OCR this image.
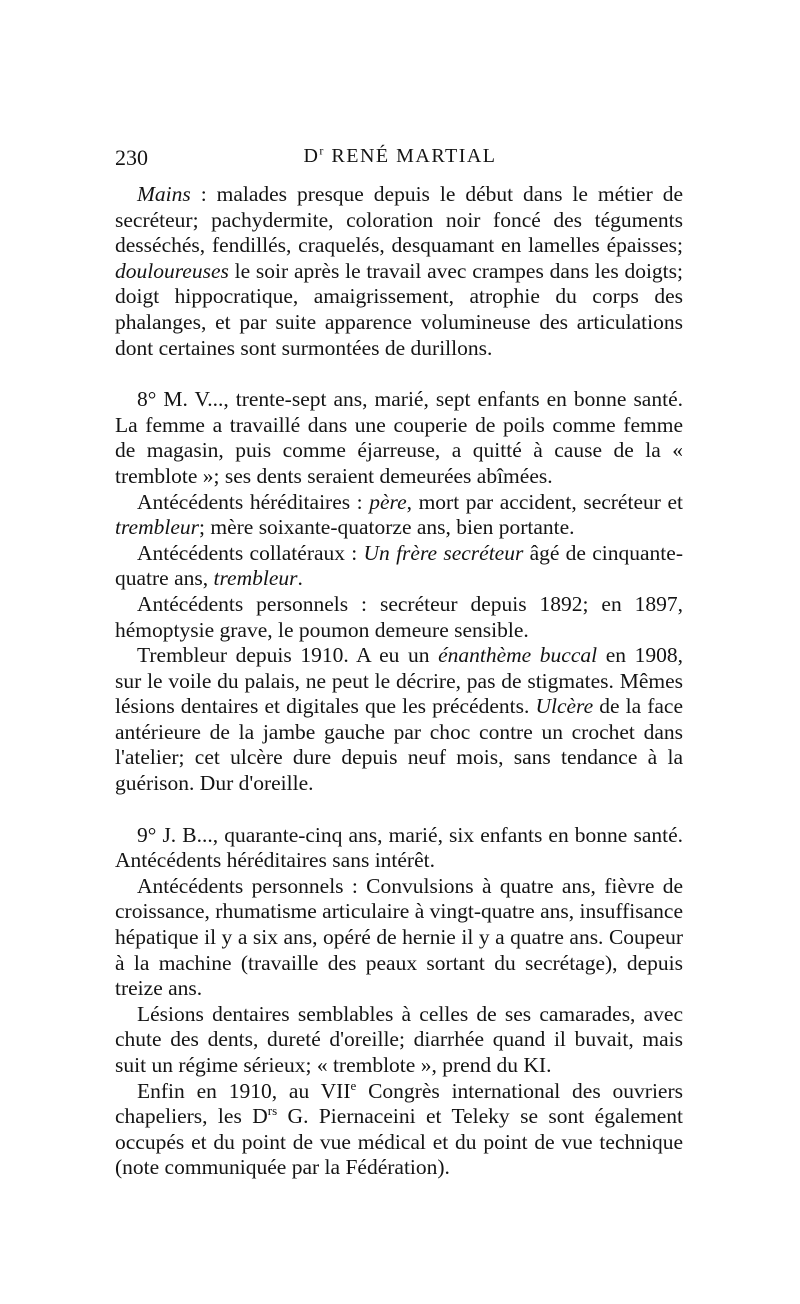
230	$D^r$ RENÉ MARTIAL

Mains : malades presque depuis le début dans le métier de secréteur; pachydermite, coloration noir foncé des téguments desséchés, fendillés, craquelés, desquamant en lamelles épaisses; douloureuses le soir après le travail avec crampes dans les doigts; doigt hippocratique, amaigrissement, atrophie du corps des phalanges, et par suite apparence volumineuse des articulations dont certaines sont surmontées de durillons.

8° M. V..., trente-sept ans, marié, sept enfants en bonne santé. La femme a travaillé dans une couperie de poils comme femme de magasin, puis comme éjarreuse, a quitté à cause de la « tremblote »; ses dents seraient demeurées abîmées.

Antécédents héréditaires : père, mort par accident, secréteur et trembleur; mère soixante-quatorze ans, bien portante.

Antécédents collatéraux : Un frère secréteur âgé de cinquante-quatre ans, trembleur.

Antécédents personnels : secréteur depuis 1892; en 1897, hémoptysie grave, le poumon demeure sensible.

Trembleur depuis 1910. A eu un énanthème buccal en 1908, sur le voile du palais, ne peut le décrire, pas de stigmates. Mêmes lésions dentaires et digitales que les précédents. Ulcère de la face antérieure de la jambe gauche par choc contre un crochet dans l'atelier; cet ulcère dure depuis neuf mois, sans tendance à la guérison. Dur d'oreille.

9° J. B..., quarante-cinq ans, marié, six enfants en bonne santé. Antécédents héréditaires sans intérêt.

Antécédents personnels : Convulsions à quatre ans, fièvre de croissance, rhumatisme articulaire à vingt-quatre ans, insuffisance hépatique il y a six ans, opéré de hernie il y a quatre ans. Coupeur à la machine (travaille des peaux sortant du secrétage), depuis treize ans.

Lésions dentaires semblables à celles de ses camarades, avec chute des dents, dureté d'oreille; diarrhée quand il buvait, mais suit un régime sérieux; « tremblote », prend du KI.

Enfin en 1910, au VIIe Congrès international des ouvriers chapeliers, les $D^{rs}$ G. Piernaceini et Teleky se sont également occupés et du point de vue médical et du point de vue technique (note communiquée par la Fédération).
